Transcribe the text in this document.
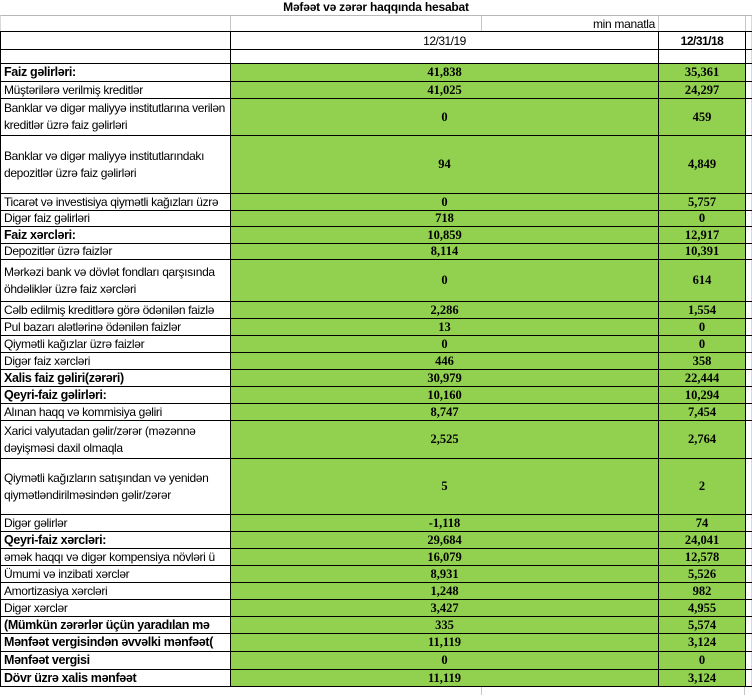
Məfəət və zərər haqqında hesabat
min manatla
12/31/19	12/31/18
Faiz gəlirləri:	41,838	35,361
Müştərilərə verilmiş kreditlər	41,025	24,297
Banklar və digər maliyyə institutlarına verilən kreditlər üzrə faiz gəlirləri
0	459
Banklar və digər maliyyə institutlarındakı depozitlər üzrə faiz gəlirləri
94	4,849
Ticarət və investisiya qiymətli kağızları üzrə	0	5,757
Digər faiz gəlirləri	718	0
Faiz xərcləri:	10,859	12,917
Depozitlər üzrə faizlər	8,114	10,391
Mərkəzi bank və dövlət fondları qarşısında öhdəliklər üzrə faiz xərcləri
0	614
Cəlb edilmiş kreditlərə görə ödənilən faizlə	2,286	1,554
Pul bazarı alətlərinə ödənilən faizlər	13	0
Qiymətli kağızlar üzrə faizlər	0	0
Digər faiz xərcləri	446	358
Xalis faiz gəliri(zərəri)	30,979	22,444
Qeyri-faiz gəlirləri:	10,160	10,294
Alınan haqq və kommisiya gəliri	8,747	7,454
Xarici valyutadan gəlir/zərər (məzənnə dəyişməsi daxil olmaqla
2,525	2,764
Qiymətli kağızların satışından və yenidən qiymətləndirilməsindən gəlir/zərər
5	2
Digər gəlirlər	-1,118	74
Qeyri-faiz xərcləri:	29,684	24,041
əmək haqqı və digər kompensiya növləri ü	16,079	12,578
Ümumi və inzibati xərclər	8,931	5,526
Amortizasiya xərcləri	1,248	982
Digər xərclər	3,427	4,955
(Mümkün zərərlər üçün yaradılan mə	335	5,574
Mənfəət vergisindən əvvəlki mənfəət(	11,119	3,124
Mənfəət vergisi	0	0
Dövr üzrə xalis mənfəət	11,119	3,124
